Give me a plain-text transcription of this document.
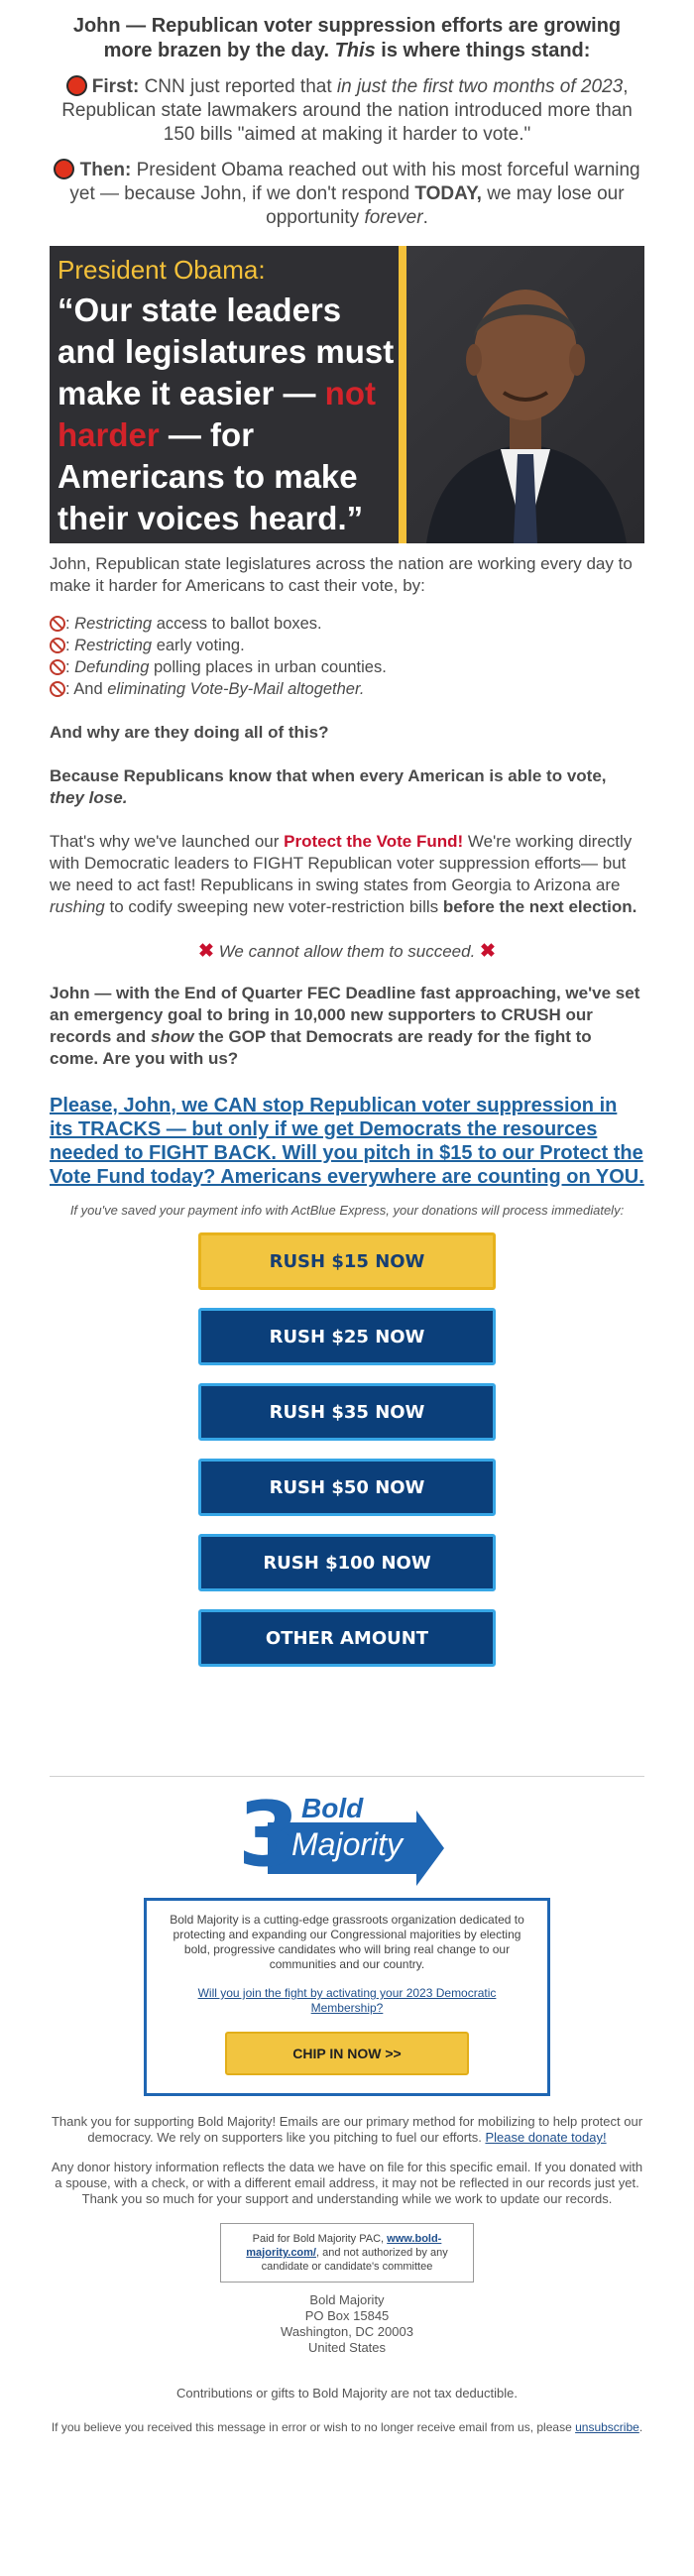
John — Republican voter suppression efforts are growing more brazen by the day. This is where things stand:
First: CNN just reported that in just the first two months of 2023, Republican state lawmakers around the nation introduced more than 150 bills "aimed at making it harder to vote."
Then: President Obama reached out with his most forceful warning yet — because John, if we don't respond TODAY, we may lose our opportunity forever.
President Obama:
“Our state leaders and legislatures must make it easier — not harder — for Americans to make their voices heard.”
John, Republican state legislatures across the nation are working every day to make it harder for Americans to cast their vote, by:
: Restricting access to ballot boxes.
: Restricting early voting.
: Defunding polling places in urban counties.
: And eliminating Vote-By-Mail altogether.
And why are they doing all of this?
Because Republicans know that when every American is able to vote, they lose.
That's why we've launched our Protect the Vote Fund! We're working directly with Democratic leaders to FIGHT Republican voter suppression efforts— but we need to act fast! Republicans in swing states from Georgia to Arizona are rushing to codify sweeping new voter-restriction bills before the next election.
✖ We cannot allow them to succeed. ✖
John — with the End of Quarter FEC Deadline fast approaching, we've set an emergency goal to bring in 10,000 new supporters to CRUSH our records and show the GOP that Democrats are ready for the fight to come. Are you with us?
Please, John, we CAN stop Republican voter suppression in its TRACKS — but only if we get Democrats the resources needed to FIGHT BACK. Will you pitch in $15 to our Protect the Vote Fund today? Americans everywhere are counting on YOU.
If you've saved your payment info with ActBlue Express, your donations will process immediately:
RUSH $15 NOW
RUSH $25 NOW
RUSH $35 NOW
RUSH $50 NOW
RUSH $100 NOW
OTHER AMOUNT
3 Bold
Majority
Bold Majority is a cutting-edge grassroots organization dedicated to protecting and expanding our Congressional majorities by electing bold, progressive candidates who will bring real change to our communities and our country.
Will you join the fight by activating your 2023 Democratic Membership?
CHIP IN NOW >>
Thank you for supporting Bold Majority! Emails are our primary method for mobilizing to help protect our democracy. We rely on supporters like you pitching to fuel our efforts. Please donate today!
Any donor history information reflects the data we have on file for this specific email. If you donated with a spouse, with a check, or with a different email address, it may not be reflected in our records just yet. Thank you so much for your support and understanding while we work to update our records.
Paid for Bold Majority PAC, www.bold-majority.com/, and not authorized by any candidate or candidate's committee
Bold Majority
PO Box 15845
Washington, DC 20003
United States
Contributions or gifts to Bold Majority are not tax deductible.
If you believe you received this message in error or wish to no longer receive email from us, please unsubscribe.
